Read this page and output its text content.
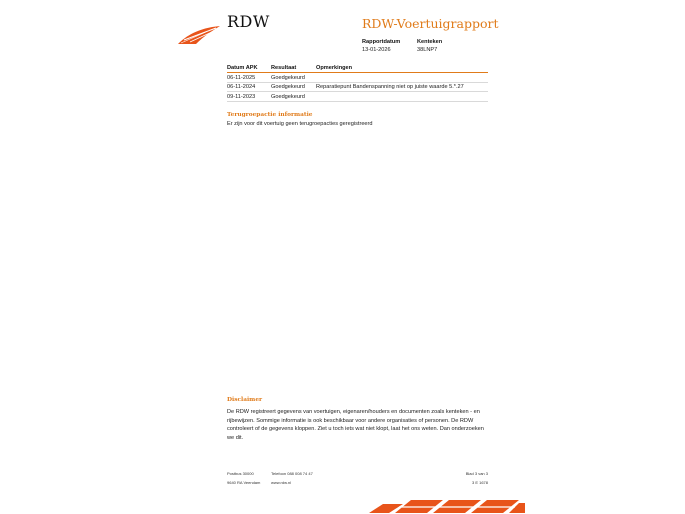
RDW	RDW-Voertuigrapport
Rapportdatum
13-01-2026
Kenteken
38LNP7
Datum APK	Resultaat	Opmerkingen
06-11-2025	Goedgekeurd	
06-11-2024	Goedgekeurd	Reparatiepunt Bandenspanning niet op juiste waarde 5.*.27
09-11-2023	Goedgekeurd	
Terugroepactie informatie
Er zijn voor dit voertuig geen terugroepacties geregistreerd
Disclaimer
De RDW registreert gegevens van voertuigen, eigenaren/houders en documenten zoals kenteken - en
rijbewijzen. Sommige informatie is ook beschikbaar voor andere organisaties of personen. De RDW
controleert of de gegevens kloppen. Ziet u toch iets wat niet klopt, laat het ons weten. Dan onderzoeken
we dit.
Postbus 30000
9640 RA Veendam
Telefoon 088 008 74 47
www.rdw.nl
Blad 3 van 3
3 E 1678
